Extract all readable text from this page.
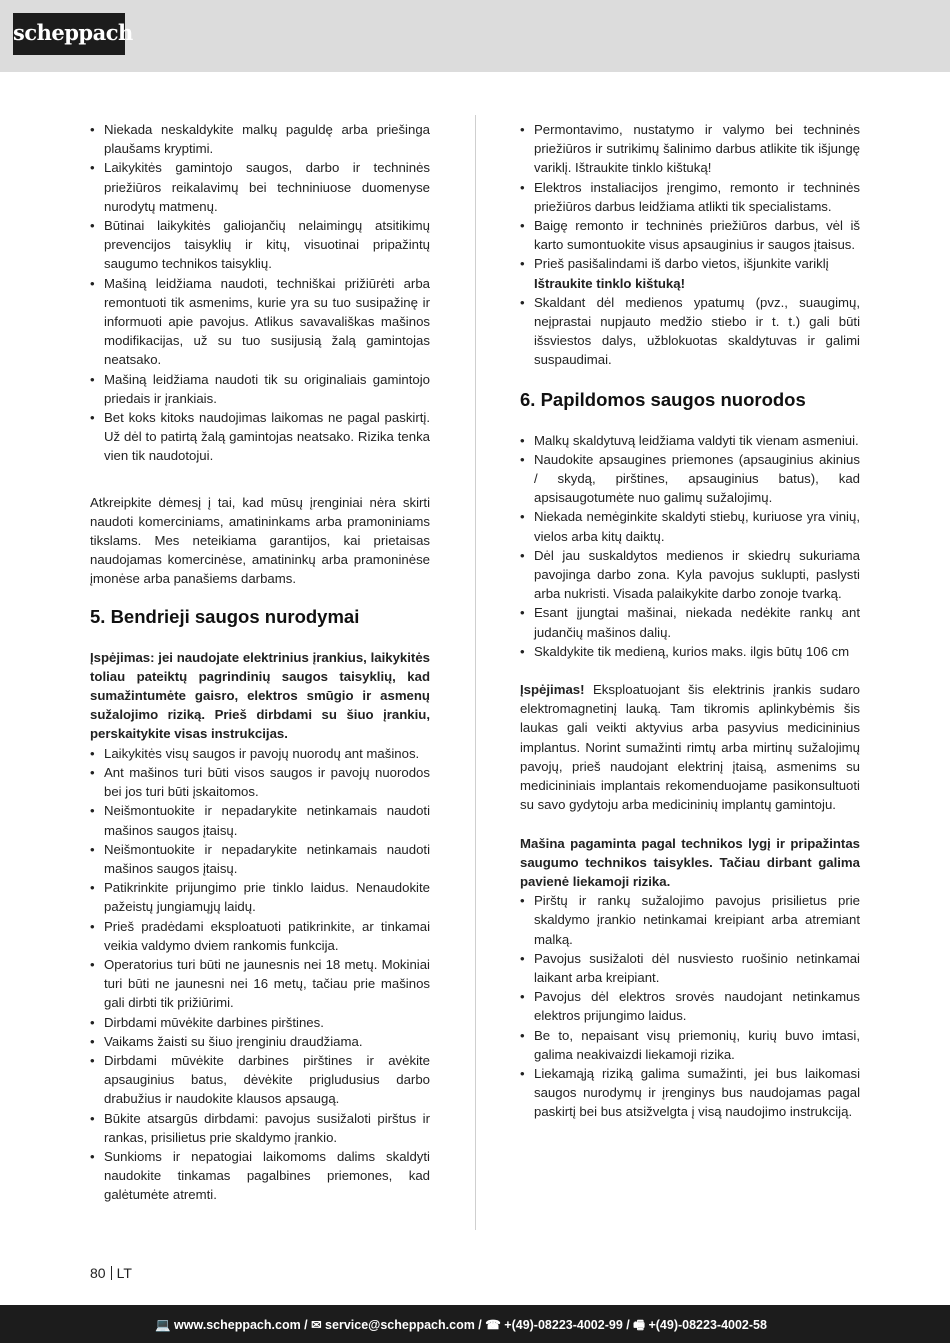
scheppach
• Niekada neskaldykite malkų paguldę arba priešinga plaušams kryptimi.
• Laikykitės gamintojo saugos, darbo ir techninės priežiūros reikalavimų bei techniniuose duomenyse nurodytų matmenų.
• Būtinai laikykitės galiojančių nelaimingų atsitikimų prevencijos taisyklių ir kitų, visuotinai pripažintų saugumo technikos taisyklių.
• Mašiną leidžiama naudoti, techniškai prižiūrėti arba remontuoti tik asmenims, kurie yra su tuo susipažinę ir informuoti apie pavojus. Atlikus savavališkas mašinos modifikacijas, už su tuo susijusią žalą gamintojas neatsako.
• Mašiną leidžiama naudoti tik su originaliais gamintojo priedais ir įrankiais.
• Bet koks kitoks naudojimas laikomas ne pagal paskirtį. Už dėl to patirtą žalą gamintojas neatsako. Rizika tenka vien tik naudotojui.
Atkreipkite dėmesį į tai, kad mūsų įrenginiai nėra skirti naudoti komerciniams, amatininkams arba pramoniniams tikslams. Mes neteikiama garantijos, kai prietaisas naudojamas komercinėse, amatininkų arba pramoninėse įmonėse arba panašiems darbams.
5. Bendrieji saugos nurodymai
Įspėjimas: jei naudojate elektrinius įrankius, laikykitės toliau pateiktų pagrindinių saugos taisyklių, kad sumažintumėte gaisro, elektros smūgio ir asmenų sužalojimo riziką. Prieš dirbdami su šiuo įrankiu, perskaitykite visas instrukcijas.
• Laikykitės visų saugos ir pavojų nuorodų ant mašinos.
• Ant mašinos turi būti visos saugos ir pavojų nuorodos bei jos turi būti įskaitomos.
• Neišmontuokite ir nepadarykite netinkamais naudoti mašinos saugos įtaisų.
• Neišmontuokite ir nepadarykite netinkamais naudoti mašinos saugos įtaisų.
• Patikrinkite prijungimo prie tinklo laidus. Nenaudokite pažeistų jungiamųjų laidų.
• Prieš pradėdami eksploatuoti patikrinkite, ar tinkamai veikia valdymo dviem rankomis funkcija.
• Operatorius turi būti ne jaunesnis nei 18 metų. Mokiniai turi būti ne jaunesni nei 16 metų, tačiau prie mašinos gali dirbti tik prižiūrimi.
• Dirbdami mūvėkite darbines pirštines.
• Vaikams žaisti su šiuo įrenginiu draudžiama.
• Dirbdami mūvėkite darbines pirštines ir avėkite apsauginius batus, dėvėkite prigludusius darbo drabužius ir naudokite klausos apsaugą.
• Būkite atsargūs dirbdami: pavojus susižaloti pirštus ir rankas, prisilietus prie skaldymo įrankio.
• Sunkioms ir nepatogiai laikomoms dalims skaldyti naudokite tinkamas pagalbines priemones, kad galėtumėte atremti.
• Permontavimo, nustatymo ir valymo bei techninės priežiūros ir sutrikimų šalinimo darbus atlikite tik išjungę variklį. Ištraukite tinklo kištuką!
• Elektros instaliacijos įrengimo, remonto ir techninės priežiūros darbus leidžiama atlikti tik specialistams.
• Baigę remonto ir techninės priežiūros darbus, vėl iš karto sumontuokite visus apsauginius ir saugos įtaisus.
• Prieš pasišalindami iš darbo vietos, išjunkite variklį
Ištraukite tinklo kištuką!
• Skaldant dėl medienos ypatumų (pvz., suaugimų, neįprastai nupjauto medžio stiebo ir t. t.) gali būti išsviestos dalys, užblokuotas skaldytuvas ir galimi suspaudimai.
6. Papildomos saugos nuorodos
• Malkų skaldytuvą leidžiama valdyti tik vienam asmeniui.
• Naudokite apsaugines priemones (apsauginius akinius / skydą, pirštines, apsauginius batus), kad apsisaugotumėte nuo galimų sužalojimų.
• Niekada nemėginkite skaldyti stiebų, kuriuose yra vinių, vielos arba kitų daiktų.
• Dėl jau suskaldytos medienos ir skiedrų sukuriama pavojinga darbo zona. Kyla pavojus suklupti, paslysti arba nukristi. Visada palaikykite darbo zonoje tvarką.
• Esant įjungtai mašinai, niekada nedėkite rankų ant judančių mašinos dalių.
• Skaldykite tik medieną, kurios maks. ilgis būtų 106 cm
Įspėjimas! Eksploatuojant šis elektrinis įrankis sudaro elektromagnetinį lauką. Tam tikromis aplinkybėmis šis laukas gali veikti aktyvius arba pasyvius medicininius implantus. Norint sumažinti rimtų arba mirtinų sužalojimų pavojų, prieš naudojant elektrinį įtaisą, asmenims su medicininiais implantais rekomenduojame pasikonsultuoti su savo gydytoju arba medicininių implantų gamintoju.
Mašina pagaminta pagal technikos lygį ir pripažintas saugumo technikos taisykles. Tačiau dirbant galima pavienė liekamoji rizika.
• Pirštų ir rankų sužalojimo pavojus prisilietus prie skaldymo įrankio netinkamai kreipiant arba atremiant malką.
• Pavojus susižaloti dėl nusviesto ruošinio netinkamai laikant arba kreipiant.
• Pavojus dėl elektros srovės naudojant netinkamus elektros prijungimo laidus.
• Be to, nepaisant visų priemonių, kurių buvo imtasi, galima neakivaizdi liekamoji rizika.
• Liekamąją riziką galima sumažinti, jei bus laikomasi saugos nurodymų ir įrenginys bus naudojamas pagal paskirtį bei bus atsižvelgta į visą naudojimo instrukciją.
80 LT
💻 www.scheppach.com / ✉ service@scheppach.com / ☎ +(49)-08223-4002-99 / 🖷 +(49)-08223-4002-58
